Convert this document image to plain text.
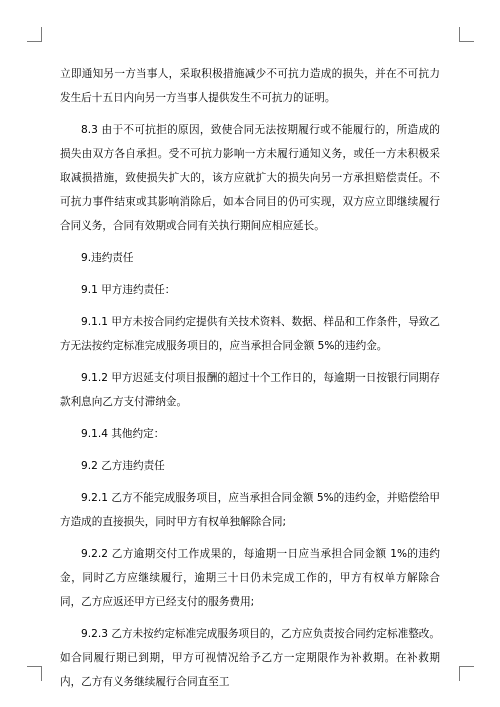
立即通知另一方当事人，采取积极措施减少不可抗力造成的损失，并在不可抗力发生后十五日内向另一方当事人提供发生不可抗力的证明。

8.3 由于不可抗拒的原因，致使合同无法按期履行或不能履行的，所造成的损失由双方各自承担。受不可抗力影响一方未履行通知义务，或任一方未积极采取减损措施，致使损失扩大的，该方应就扩大的损失向另一方承担赔偿责任。不可抗力事件结束或其影响消除后，如本合同目的仍可实现，双方应立即继续履行合同义务，合同有效期或合同有关执行期间应相应延长。

9.违约责任

9.1 甲方违约责任：

9.1.1 甲方未按合同约定提供有关技术资料、数据、样品和工作条件，导致乙方无法按约定标准完成服务项目的，应当承担合同金额 5%的违约金。

9.1.2 甲方迟延支付项目报酬的超过十个工作日的，每逾期一日按银行同期存款利息向乙方支付滞纳金。

9.1.4 其他约定：

9.2 乙方违约责任

9.2.1 乙方不能完成服务项目，应当承担合同金额 5%的违约金，并赔偿给甲方造成的直接损失，同时甲方有权单独解除合同;

9.2.2 乙方逾期交付工作成果的，每逾期一日应当承担合同金额 1%的违约金，同时乙方应继续履行，逾期三十日仍未完成工作的，甲方有权单方解除合同，乙方应返还甲方已经支付的服务费用;

9.2.3 乙方未按约定标准完成服务项目的，乙方应负责按合同约定标准整改。如合同履行期已到期，甲方可视情况给予乙方一定期限作为补救期。在补救期内，乙方有义务继续履行合同直至工
